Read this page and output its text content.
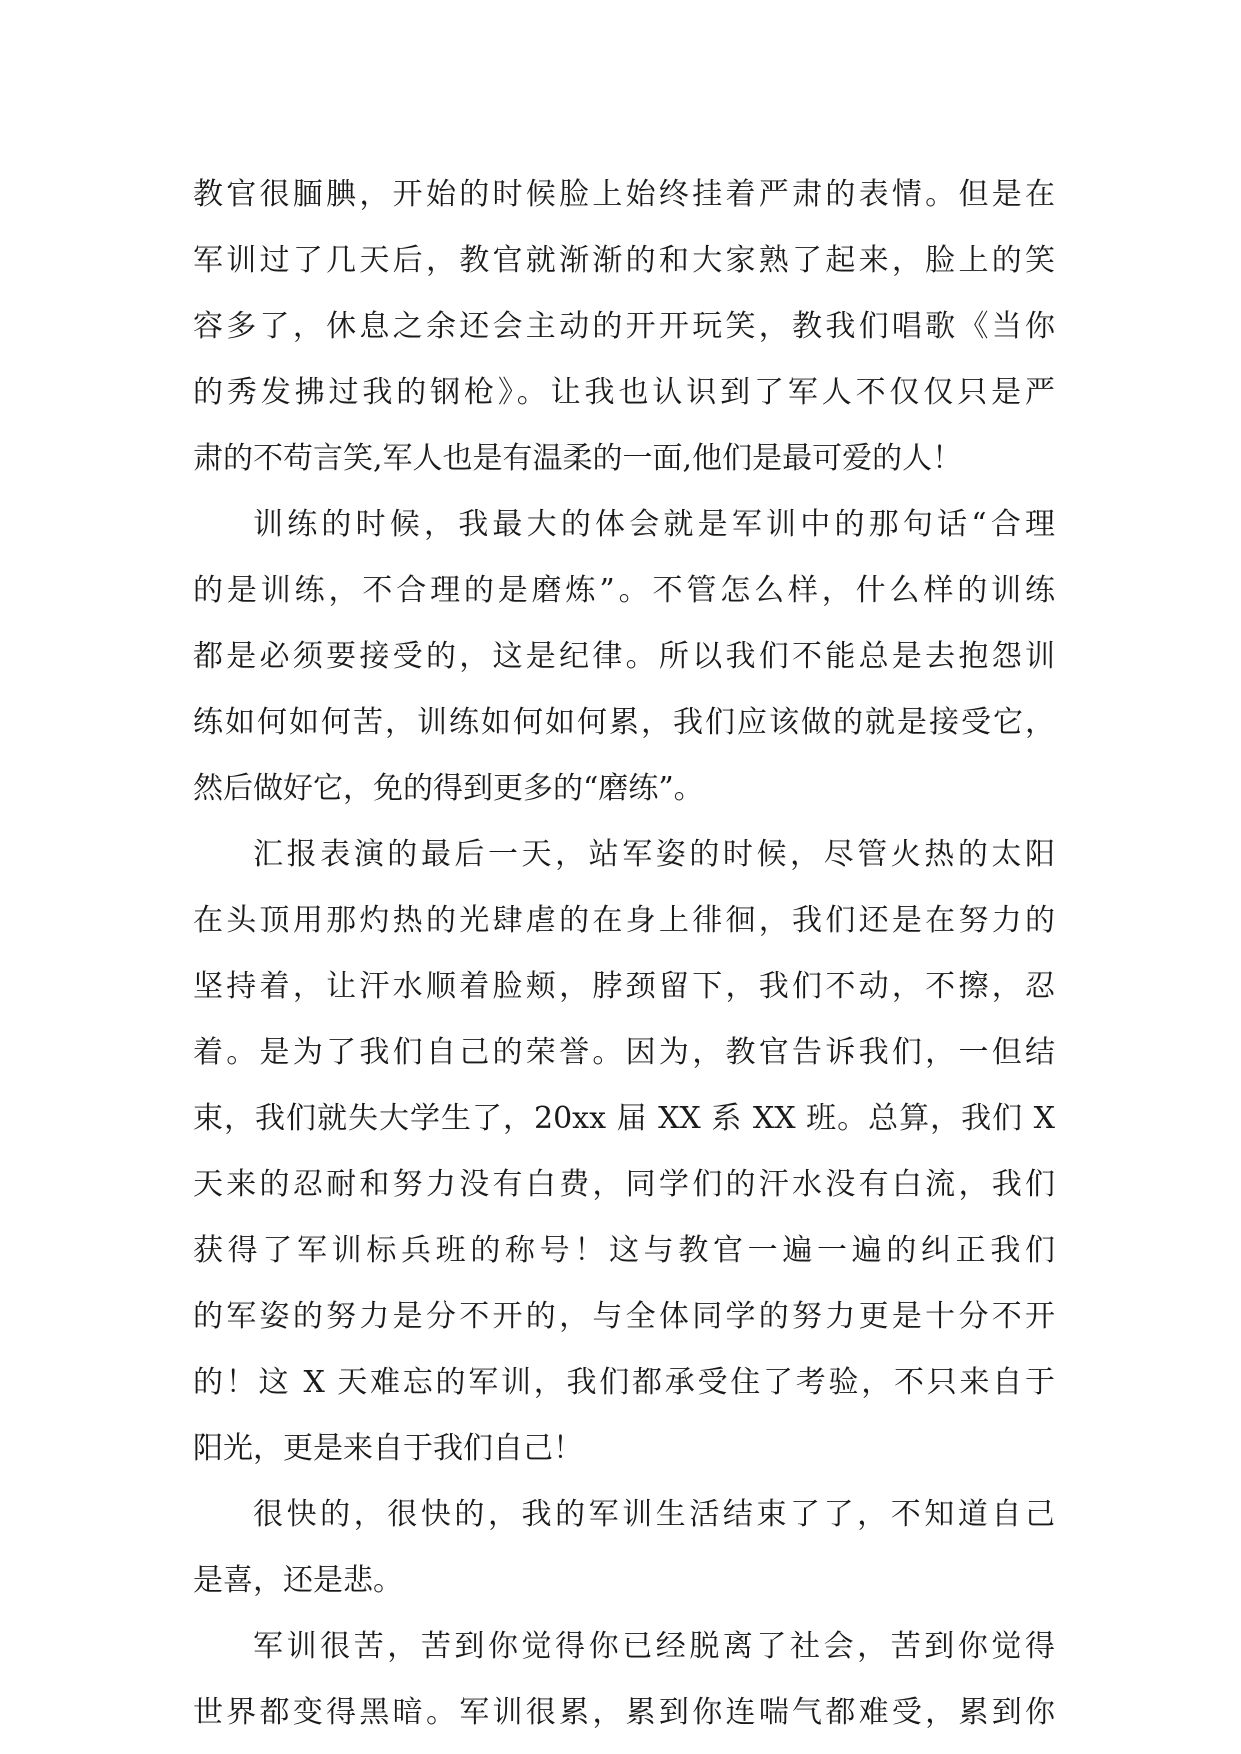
教官很腼腆，开始的时候脸上始终挂着严肃的表情。但是在
军训过了几天后，教官就渐渐的和大家熟了起来，脸上的笑
容多了，休息之余还会主动的开开玩笑，教我们唱歌《当你
的秀发拂过我的钢枪》。让我也认识到了军人不仅仅只是严
肃的不苟言笑,军人也是有温柔的一面,他们是最可爱的人！
训练的时候，我最大的体会就是军训中的那句话“合理
的是训练，不合理的是磨炼”。不管怎么样，什么样的训练
都是必须要接受的，这是纪律。所以我们不能总是去抱怨训
练如何如何苦，训练如何如何累，我们应该做的就是接受它，
然后做好它，免的得到更多的“磨练”。
汇报表演的最后一天，站军姿的时候，尽管火热的太阳
在头顶用那灼热的光肆虐的在身上徘徊，我们还是在努力的
坚持着，让汗水顺着脸颊，脖颈留下，我们不动，不擦，忍
着。是为了我们自己的荣誉。因为，教官告诉我们，一但结
束，我们就失大学生了，20xx 届 XX 系 XX 班。总算，我们 X
天来的忍耐和努力没有白费，同学们的汗水没有白流，我们
获得了军训标兵班的称号！这与教官一遍一遍的纠正我们
的军姿的努力是分不开的，与全体同学的努力更是十分不开
的！这 X 天难忘的军训，我们都承受住了考验，不只来自于
阳光，更是来自于我们自己！
很快的，很快的，我的军训生活结束了了，不知道自己
是喜，还是悲。
军训很苦，苦到你觉得你已经脱离了社会，苦到你觉得
世界都变得黑暗。军训很累，累到你连喘气都难受，累到你
